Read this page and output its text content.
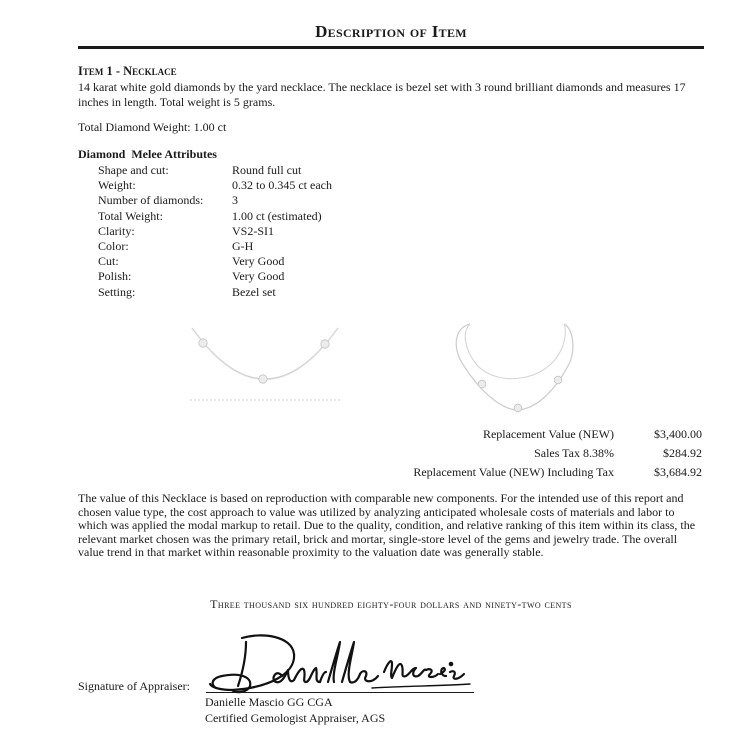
Description of Item
Item 1 - Necklace
14 karat white gold diamonds by the yard necklace. The necklace is bezel set with 3 round brilliant diamonds and measures 17 inches in length. Total weight is 5 grams.
Total Diamond Weight: 1.00 ct
Diamond  Melee Attributes
Shape and cut:	Round full cut
Weight:	0.32 to 0.345 ct each
Number of diamonds:	3
Total Weight:	1.00 ct (estimated)
Clarity:	VS2-SI1
Color:	G-H
Cut:	Very Good
Polish:	Very Good
Setting:	Bezel set
Replacement Value (NEW)	$3,400.00
Sales Tax 8.38%	$284.92
Replacement Value (NEW) Including Tax	$3,684.92
The value of this Necklace is based on reproduction with comparable new components. For the intended use of this report and chosen value type, the cost approach to value was utilized by analyzing anticipated wholesale costs of materials and labor to which was applied the modal markup to retail. Due to the quality, condition, and relative ranking of this item within its class, the relevant market chosen was the primary retail, brick and mortar, single-store level of the gems and jewelry trade. The overall value trend in that market within reasonable proximity to the valuation date was generally stable.
Three thousand six hundred eighty-four dollars and ninety-two cents
Signature of Appraiser:
Danielle Mascio GG CGA
Certified Gemologist Appraiser, AGS
